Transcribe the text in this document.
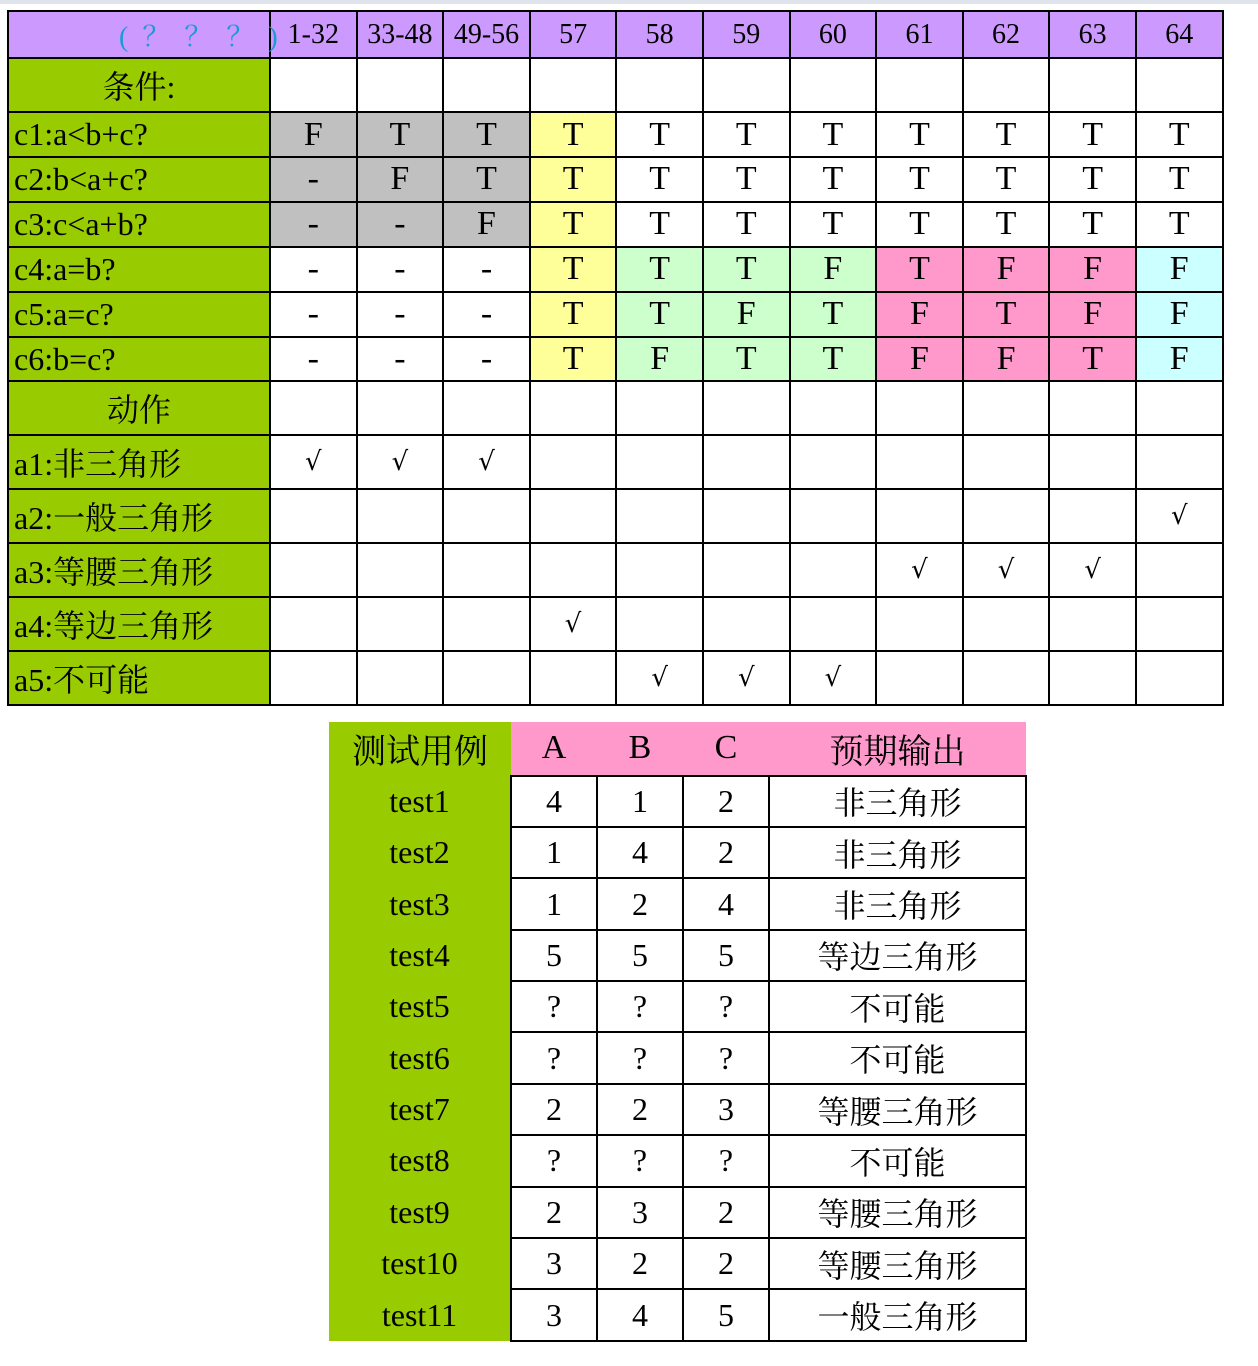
(？？？)	1-32	33-48	49-56	57	58	59	60	61	62	63	64
条件:											
c1:a<b+c?	F	T	T	T	T	T	T	T	T	T	T
c2:b<a+c?	-	F	T	T	T	T	T	T	T	T	T
c3:c<a+b?	-	-	F	T	T	T	T	T	T	T	T
c4:a=b?	-	-	-	T	T	T	F	T	F	F	F
c5:a=c?	-	-	-	T	T	F	T	F	T	F	F
c6:b=c?	-	-	-	T	F	T	T	F	F	T	F
动作											
a1:非三角形	√	√	√								
a2:一般三角形											√
a3:等腰三角形								√	√	√	
a4:等边三角形				√							
a5:不可能					√	√	√				
测试用例	A	B	C	预期输出
test1	4	1	2	非三角形
test2	1	4	2	非三角形
test3	1	2	4	非三角形
test4	5	5	5	等边三角形
test5	?	?	?	不可能
test6	?	?	?	不可能
test7	2	2	3	等腰三角形
test8	?	?	?	不可能
test9	2	3	2	等腰三角形
test10	3	2	2	等腰三角形
test11	3	4	5	一般三角形
